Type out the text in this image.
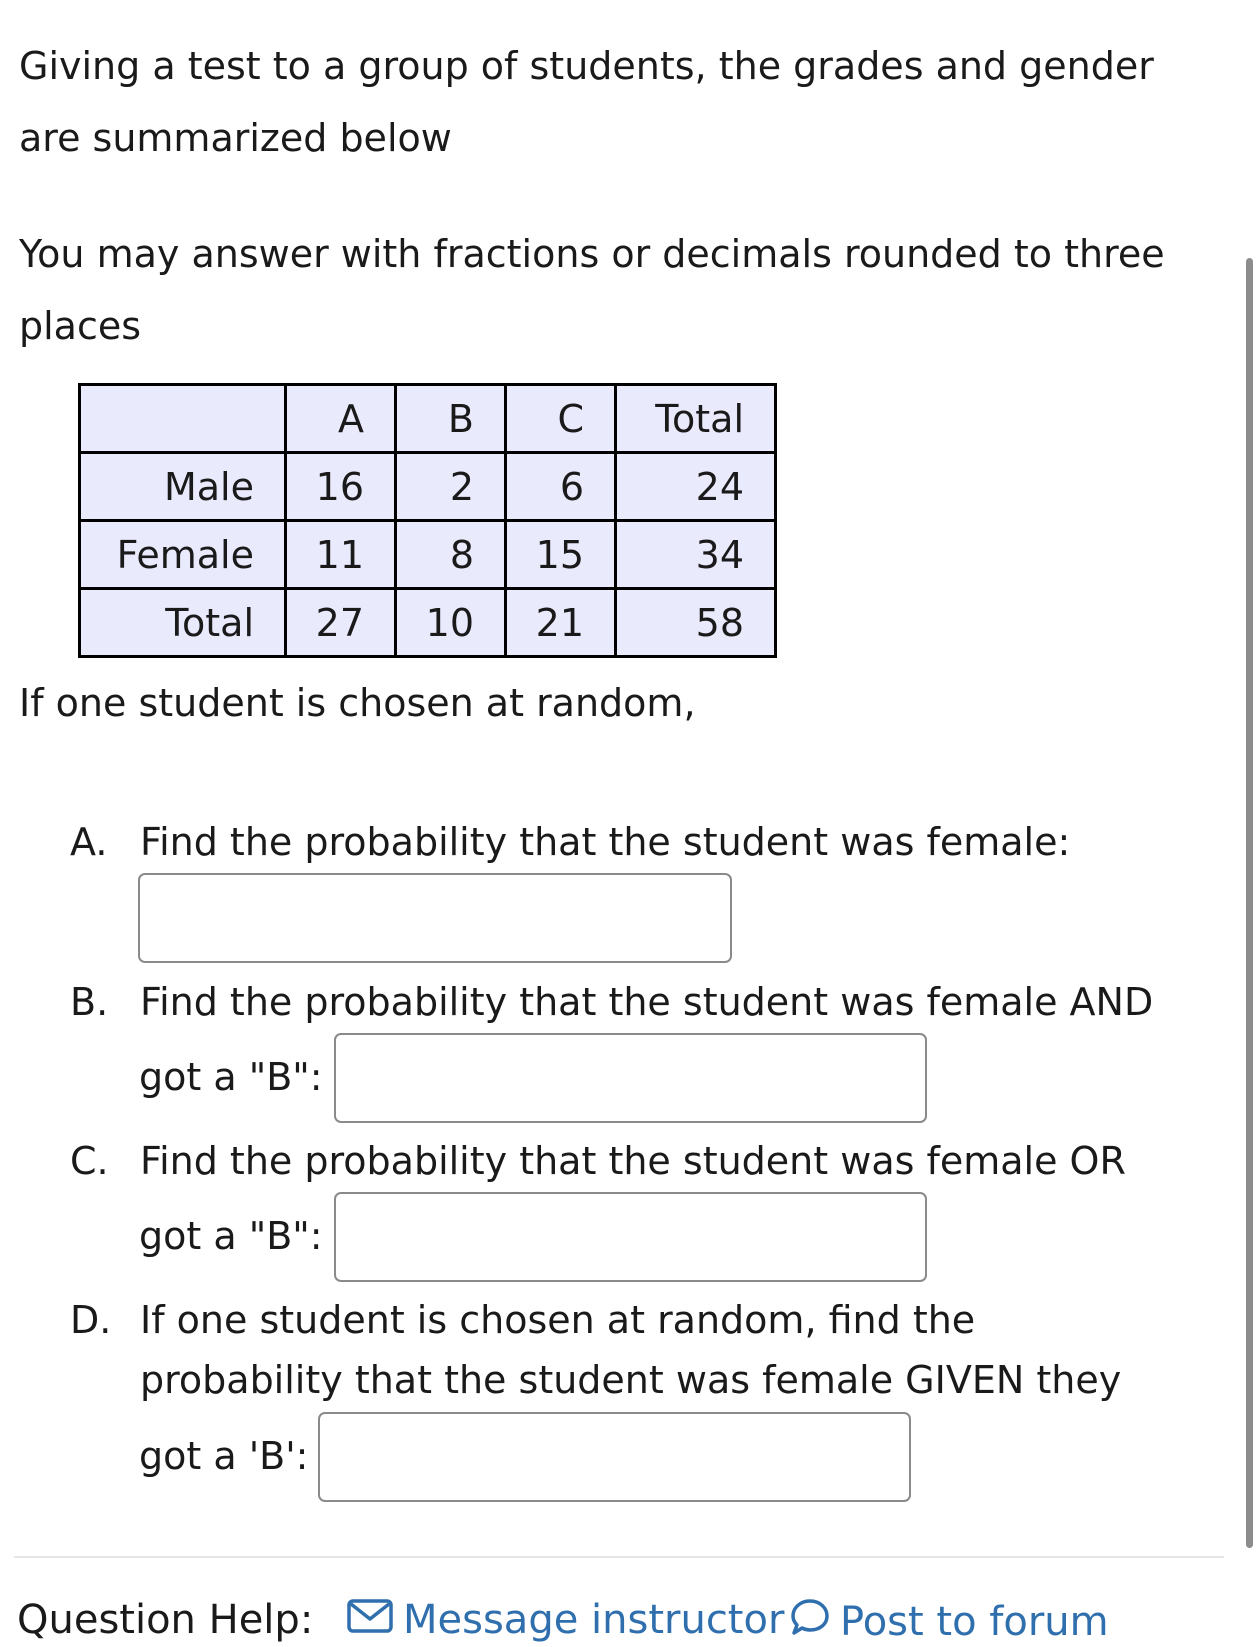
Giving a test to a group of students, the grades and gender are summarized below

You may answer with fractions or decimals rounded to three places

	A	B	C	Total
Male	16	2	6	24
Female	11	8	15	34
Total	27	10	21	58

If one student is chosen at random,

A. Find the probability that the student was female:
B. Find the probability that the student was female AND
got a "B":
C. Find the probability that the student was female OR
got a "B":
D. If one student is chosen at random, find the
probability that the student was female GIVEN they
got a 'B':
Question Help: Message instructor Post to forum
